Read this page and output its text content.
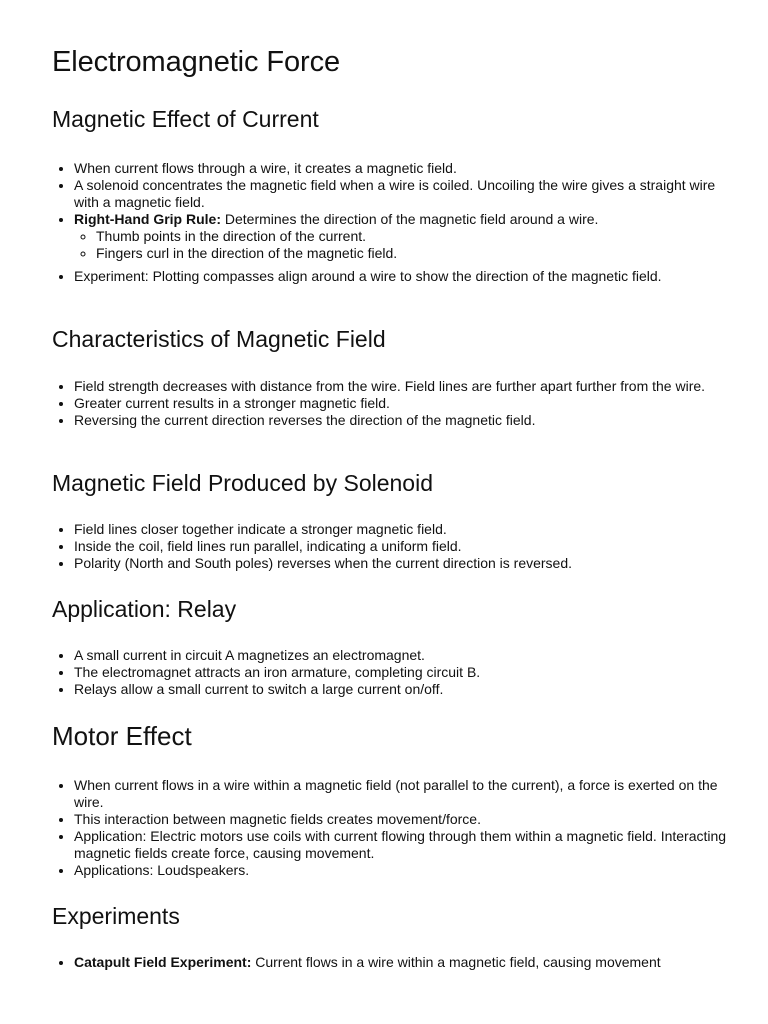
Electromagnetic Force
Magnetic Effect of Current
• When current flows through a wire, it creates a magnetic field.
• A solenoid concentrates the magnetic field when a wire is coiled. Uncoiling the wire gives a straight wire with a magnetic field.
• Right-Hand Grip Rule: Determines the direction of the magnetic field around a wire.
◦ Thumb points in the direction of the current.
◦ Fingers curl in the direction of the magnetic field.
• Experiment: Plotting compasses align around a wire to show the direction of the magnetic field.
Characteristics of Magnetic Field
• Field strength decreases with distance from the wire. Field lines are further apart further from the wire.
• Greater current results in a stronger magnetic field.
• Reversing the current direction reverses the direction of the magnetic field.
Magnetic Field Produced by Solenoid
• Field lines closer together indicate a stronger magnetic field.
• Inside the coil, field lines run parallel, indicating a uniform field.
• Polarity (North and South poles) reverses when the current direction is reversed.
Application: Relay
• A small current in circuit A magnetizes an electromagnet.
• The electromagnet attracts an iron armature, completing circuit B.
• Relays allow a small current to switch a large current on/off.
Motor Effect
• When current flows in a wire within a magnetic field (not parallel to the current), a force is exerted on the wire.
• This interaction between magnetic fields creates movement/force.
• Application: Electric motors use coils with current flowing through them within a magnetic field. Interacting magnetic fields create force, causing movement.
• Applications: Loudspeakers.
Experiments
• Catapult Field Experiment: Current flows in a wire within a magnetic field, causing movement
